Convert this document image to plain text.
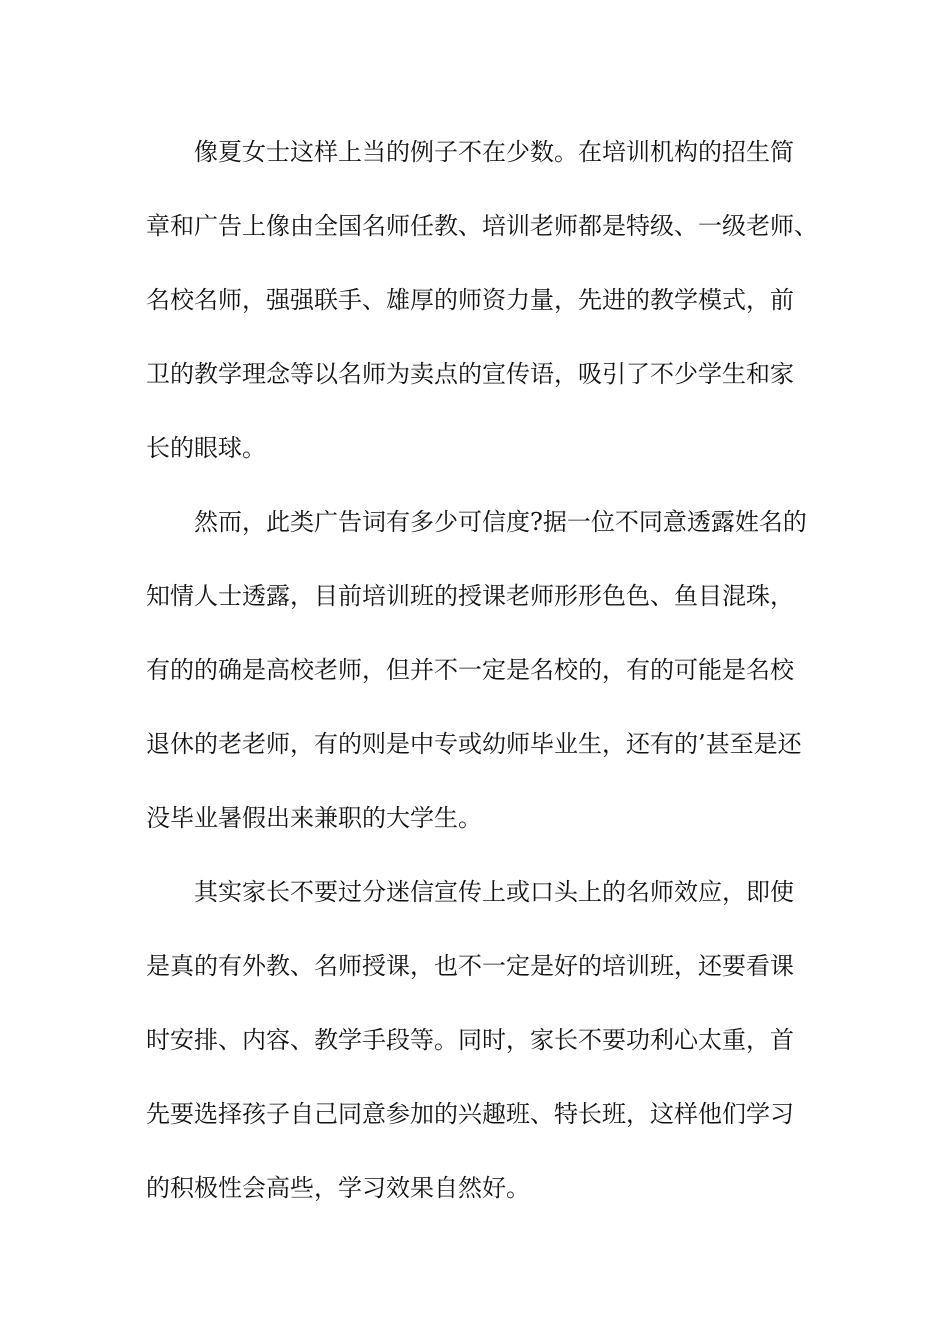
像夏女士这样上当的例子不在少数。在培训机构的招生简
章和广告上像由全国名师任教、培训老师都是特级、一级老师、
名校名师，强强联手、雄厚的师资力量，先进的教学模式，前
卫的教学理念等以名师为卖点的宣传语，吸引了不少学生和家
长的眼球。
然而，此类广告词有多少可信度?据一位不同意透露姓名的
知情人士透露，目前培训班的授课老师形形色色、鱼目混珠，
有的的确是高校老师，但并不一定是名校的，有的可能是名校
退休的老老师，有的则是中专或幼师毕业生，还有的’甚至是还
没毕业暑假出来兼职的大学生。
其实家长不要过分迷信宣传上或口头上的名师效应，即使
是真的有外教、名师授课，也不一定是好的培训班，还要看课
时安排、内容、教学手段等。同时，家长不要功利心太重，首
先要选择孩子自己同意参加的兴趣班、特长班，这样他们学习
的积极性会高些，学习效果自然好。
